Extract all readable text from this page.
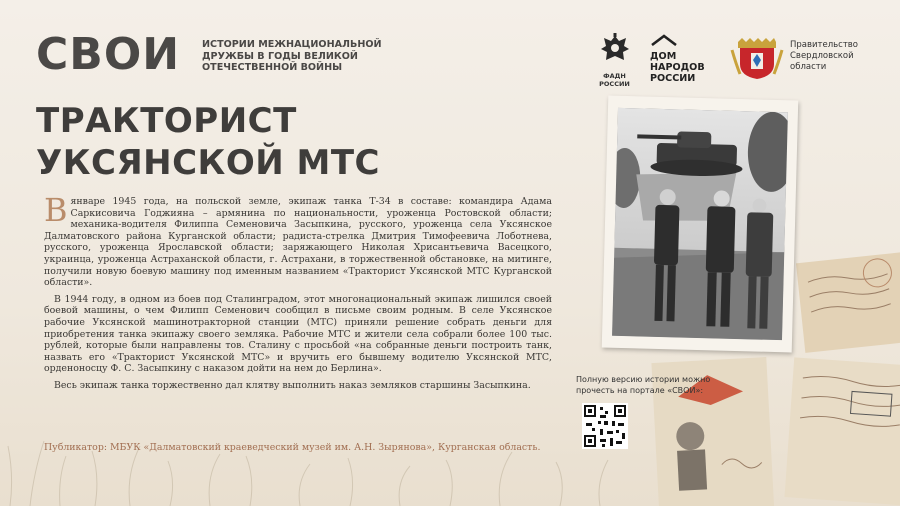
СВОИ ИСТОРИИ МЕЖНАЦИОНАЛЬНОЙ ДРУЖБЫ В ГОДЫ ВЕЛИКОЙ ОТЕЧЕСТВЕННОЙ ВОЙНЫ
ТРАКТОРИСТ
УКСЯНСКОЙ МТС
ФАДН РОССИИ
ДОМ
НАРОДОВ
РОССИИ
Правительство
Свердловской
области

Вянваре 1945 года, на польской земле, экипаж танка Т-34 в составе: командира Адама Саркисовича Годжияна – армянина по национальности, уроженца Ростовской области; механика-водителя Филиппа Семеновича Засыпкина, русского, уроженца села Уксянское Далматовского района Курганской области; радиста-стрелка Дмитрия Тимофеевича Лоботнева, русского, уроженца Ярославской области; заряжающего Николая Хрисантьевича Васецкого, украинца, уроженца Астраханской области, г. Астрахани, в торжественной обстановке, на митинге, получили новую боевую машину под именным названием «Тракторист Уксянской МТС Курганской области».

В 1944 году, в одном из боев под Сталинградом, этот многонациональный экипаж лишился своей боевой машины, о чем Филипп Семенович сообщил в письме своим родным. В селе Уксянское рабочие Уксянской машинотракторной станции (МТС) приняли решение собрать деньги для приобретения танка экипажу своего земляка. Рабочие МТС и жители села собрали более 100 тыс. рублей, которые были направлены тов. Сталину с просьбой «на собранные деньги построить танк, назвать его «Тракторист Уксянской МТС» и вручить его бывшему водителю Уксянской МТС, орденоносцу Ф. С. Засыпкину с наказом дойти на нем до Берлина».

Весь экипаж танка торжественно дал клятву выполнить наказ земляков старшины Засыпкина.

Публикатор: МБУК «Далматовский краеведческий музей им. А.Н. Зырянова», Курганская область.
Полную версию истории можно прочесть на портале «СВОИ»:
